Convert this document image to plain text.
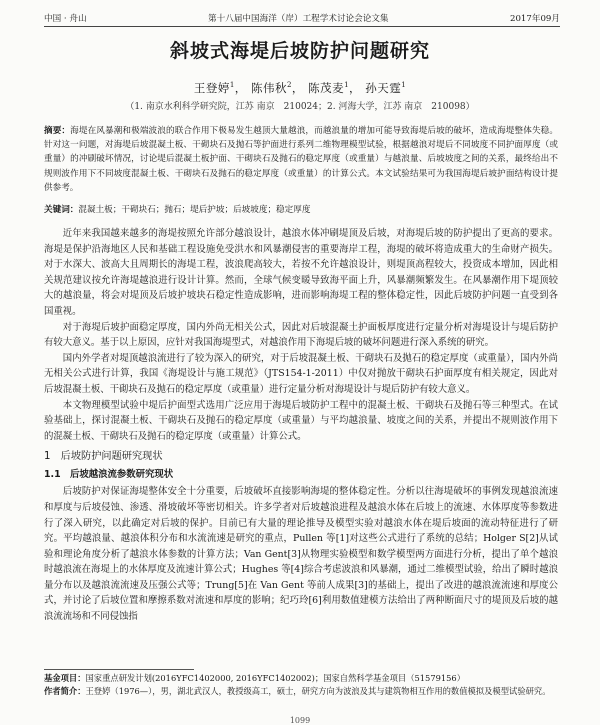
中国 · 舟山	第十八届中国海洋（岸）工程学术讨论会论文集	2017年09月
斜坡式海堤后坡防护问题研究
王登婷$^1$， 陈伟秋$^2$， 陈茂麦$^1$， 孙天霆$^1$
（1. 南京水利科学研究院，江苏 南京　210024；2. 河海大学，江苏 南京　210098）
摘要：海堤在风暴潮和极端波浪的联合作用下极易发生越顶大量越浪，而越浪量的增加可能导致海堤后坡的破坏，造成海堤整体失稳。针对这一问题，对海堤后坡混凝土板、干砌块石及抛石等护面进行系列二维物理模型试验，根据越浪对堤后不同坡度不同护面厚度（或重量）的冲刷破坏情况，讨论堤后混凝土板护面、干砌块石及抛石的稳定厚度（或重量）与越浪量、后坡坡度之间的关系，最终给出不规则波作用下不同坡度混凝土板、干砌块石及抛石的稳定厚度（或重量）的计算公式。本文试验结果可为我国海堤后坡护面结构设计提供参考。
关键词：混凝土板；干砌块石；抛石；堤后护坡；后坡坡度；稳定厚度

近年来我国越来越多的海堤按照允许部分越浪设计，越浪水体冲刷堤顶及后坡，对海堤后坡的防护提出了更高的要求。海堤是保护沿海地区人民和基础工程设施免受洪水和风暴潮侵害的重要海岸工程，海堤的破坏将造成重大的生命财产损失。对于水深大、波高大且周期长的海堤工程，波浪爬高较大，若按不允许越浪设计，则堤顶高程较大，投资成本增加，因此相关规范建议按允许海堤越浪进行设计计算。然而，全球气候变暖导致海平面上升，风暴潮频繁发生。在风暴潮作用下堤顶较大的越浪量，将会对堤顶及后坡护坡块石稳定性造成影响，进而影响海堤工程的整体稳定性，因此后坡防护问题一直受到各国重视。

对于海堤后坡护面稳定厚度，国内外尚无相关公式，因此对后坡混凝土护面板厚度进行定量分析对海堤设计与堤后防护有较大意义。基于以上原因，应针对我国海堤型式，对越浪作用下海堤后坡的破坏问题进行深入系统的研究。

国内外学者对堤顶越浪流进行了较为深入的研究，对于后坡混凝土板、干砌块石及抛石的稳定厚度（或重量），国内外尚无相关公式进行计算，我国《海堤设计与施工规范》（JTS154-1-2011）中仅对抛放干砌块石护面厚度有相关规定，因此对后坡混凝土板、干砌块石及抛石的稳定厚度（或重量）进行定量分析对海堤设计与堤后防护有较大意义。

本文物理模型试验中堤后护面型式选用广泛应用于海堤后坡防护工程中的混凝土板、干砌块石及抛石等三种型式。在试验基础上，探讨混凝土板、干砌块石及抛石的稳定厚度（或重量）与平均越浪量、坡度之间的关系，并提出不规则波作用下的混凝土板、干砌块石及抛石的稳定厚度（或重量）计算公式。

1　后坡防护问题研究现状
1.1　后坡越浪流参数研究现状

后坡防护对保证海堤整体安全十分重要，后坡破坏直接影响海堤的整体稳定性。分析以往海堤破坏的事例发现越浪流速和厚度与后坡侵蚀、渗透、滑坡破坏等密切相关。许多学者对后坡越浪进程及越浪水体在后坡上的流速、水体厚度等参数进行了深入研究，以此确定对后坡的保护。目前已有大量的理论推导及模型实验对越浪水体在堤后坡面的流动特征进行了研究。平均越浪量、越浪体积分布和水流流速是研究的重点，Pullen 等[1]对这些公式进行了系统的总结；Holger S[2]从试验和理论角度分析了越浪水体参数的计算方法；Van Gent[3]从物理实验模型和数学模型两方面进行分析，提出了单个越浪时越浪流在海堤上的水体厚度及流速计算公式；Hughes 等[4]综合考虑波浪和风暴潮，通过二维模型试验，给出了瞬时越浪量分布以及越浪流流速及压强公式等；Trung[5]在 Van Gent 等前人成果[3]的基础上，提出了改进的越浪流流速和厚度公式，并讨论了后坡位置和摩擦系数对流速和厚度的影响；纪巧玲[6]利用数值建模方法给出了两种断面尺寸的堤顶及后坡的越浪流流场和不同侵蚀指

基金项目：国家重点研发计划(2016YFC1402000, 2016YFC1402002)；国家自然科学基金项目（51579156）
作者简介：王登婷（1976—），男，湖北武汉人，教授级高工，硕士，研究方向为波浪及其与建筑物相互作用的数值模拟及模型试验研究。
1099
